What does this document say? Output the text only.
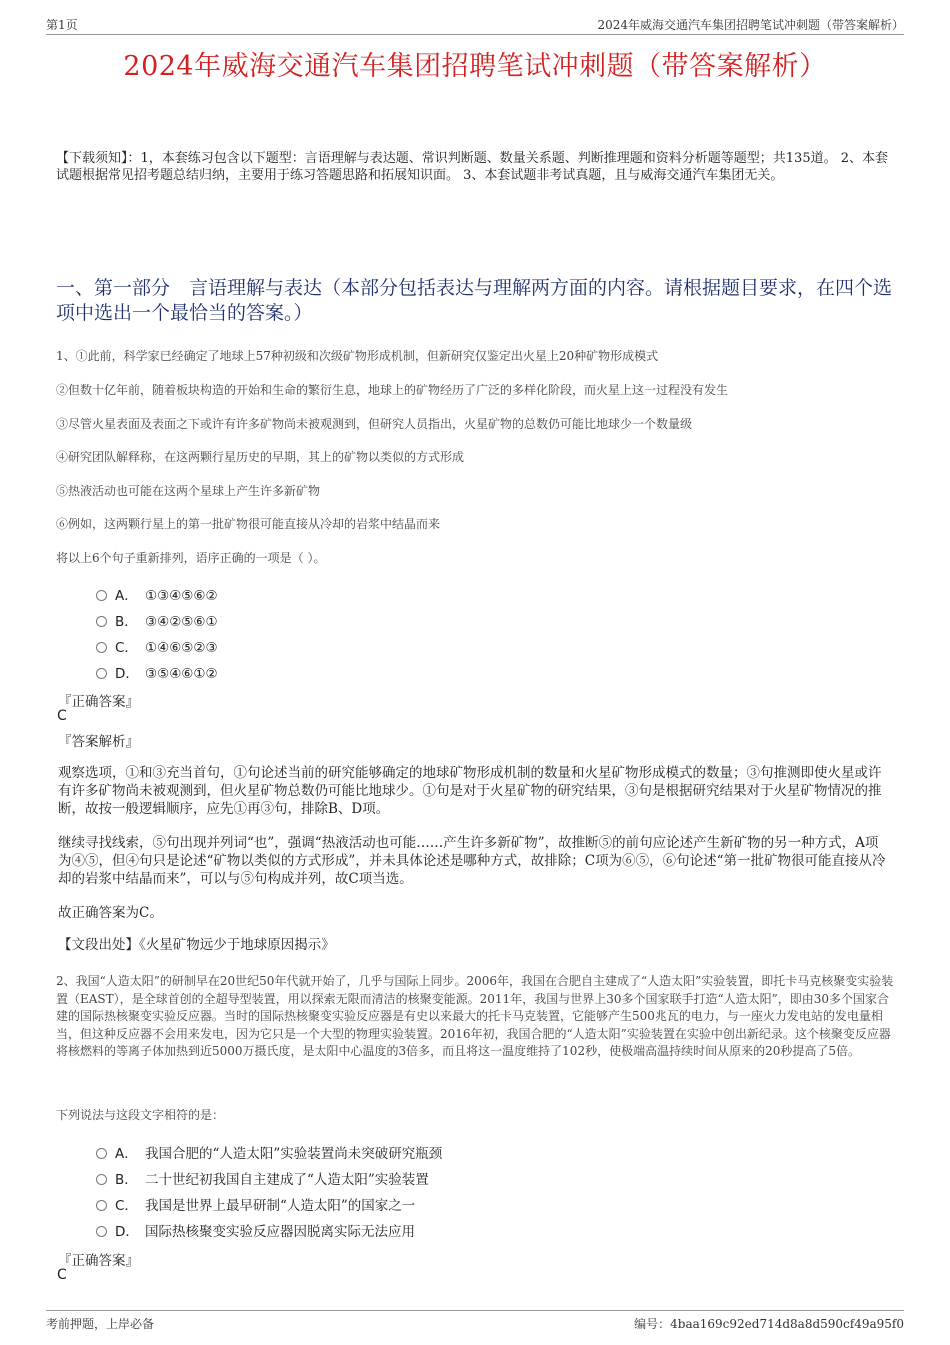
第1页	2024年威海交通汽车集团招聘笔试冲刺题（带答案解析）
2024年威海交通汽车集团招聘笔试冲刺题（带答案解析）
【下载须知】：1，本套练习包含以下题型：言语理解与表达题、常识判断题、数量关系题、判断推理题和资料分析题等题型；共135道。 2、本套试题根据常见招考题总结归纳，主要用于练习答题思路和拓展知识面。 3、本套试题非考试真题，且与威海交通汽车集团无关。
一、第一部分　言语理解与表达（本部分包括表达与理解两方面的内容。请根据题目要求，在四个选项中选出一个最恰当的答案。）
1、①此前，科学家已经确定了地球上57种初级和次级矿物形成机制，但新研究仅鉴定出火星上20种矿物形成模式
②但数十亿年前，随着板块构造的开始和生命的繁衍生息，地球上的矿物经历了广泛的多样化阶段，而火星上这一过程没有发生
③尽管火星表面及表面之下或许有许多矿物尚未被观测到，但研究人员指出，火星矿物的总数仍可能比地球少一个数量级
④研究团队解释称，在这两颗行星历史的早期，其上的矿物以类似的方式形成
⑤热液活动也可能在这两个星球上产生许多新矿物
⑥例如，这两颗行星上的第一批矿物很可能直接从冷却的岩浆中结晶而来
将以上6个句子重新排列，语序正确的一项是（ ）。
A． ①③④⑤⑥②
B． ③④②⑤⑥①
C． ①④⑥⑤②③
D． ③⑤④⑥①②
『正确答案』
C
『答案解析』
观察选项，①和③充当首句，①句论述当前的研究能够确定的地球矿物形成机制的数量和火星矿物形成模式的数量；③句推测即使火星或许有许多矿物尚未被观测到，但火星矿物总数仍可能比地球少。①句是对于火星矿物的研究结果，③句是根据研究结果对于火星矿物情况的推断，故按一般逻辑顺序，应先①再③句，排除B、D项。
继续寻找线索，⑤句出现并列词“也”，强调“热液活动也可能……产生许多新矿物”，故推断⑤的前句应论述产生新矿物的另一种方式，A项为④⑤，但④句只是论述“矿物以类似的方式形成”，并未具体论述是哪种方式，故排除；C项为⑥⑤，⑥句论述“第一批矿物很可能直接从冷却的岩浆中结晶而来”，可以与⑤句构成并列，故C项当选。
故正确答案为C。
【文段出处】《火星矿物远少于地球原因揭示》
2、我国“人造太阳”的研制早在20世纪50年代就开始了，几乎与国际上同步。2006年，我国在合肥自主建成了“人造太阳”实验装置，即托卡马克核聚变实验装置（EAST），是全球首创的全超导型装置，用以探索无限而清洁的核聚变能源。2011年，我国与世界上30多个国家联手打造“人造太阳”，即由30多个国家合建的国际热核聚变实验反应器。当时的国际热核聚变实验反应器是有史以来最大的托卡马克装置，它能够产生500兆瓦的电力，与一座火力发电站的发电量相当，但这种反应器不会用来发电，因为它只是一个大型的物理实验装置。2016年初，我国合肥的“人造太阳”实验装置在实验中创出新纪录。这个核聚变反应器将核燃料的等离子体加热到近5000万摄氏度，是太阳中心温度的3倍多，而且将这一温度维持了102秒，使极端高温持续时间从原来的20秒提高了5倍。
下列说法与这段文字相符的是：
A． 我国合肥的“人造太阳”实验装置尚未突破研究瓶颈
B． 二十世纪初我国自主建成了“人造太阳”实验装置
C． 我国是世界上最早研制“人造太阳”的国家之一
D． 国际热核聚变实验反应器因脱离实际无法应用
『正确答案』
C
考前押题，上岸必备	编号：4baa169c92ed714d8a8d590cf49a95f0
